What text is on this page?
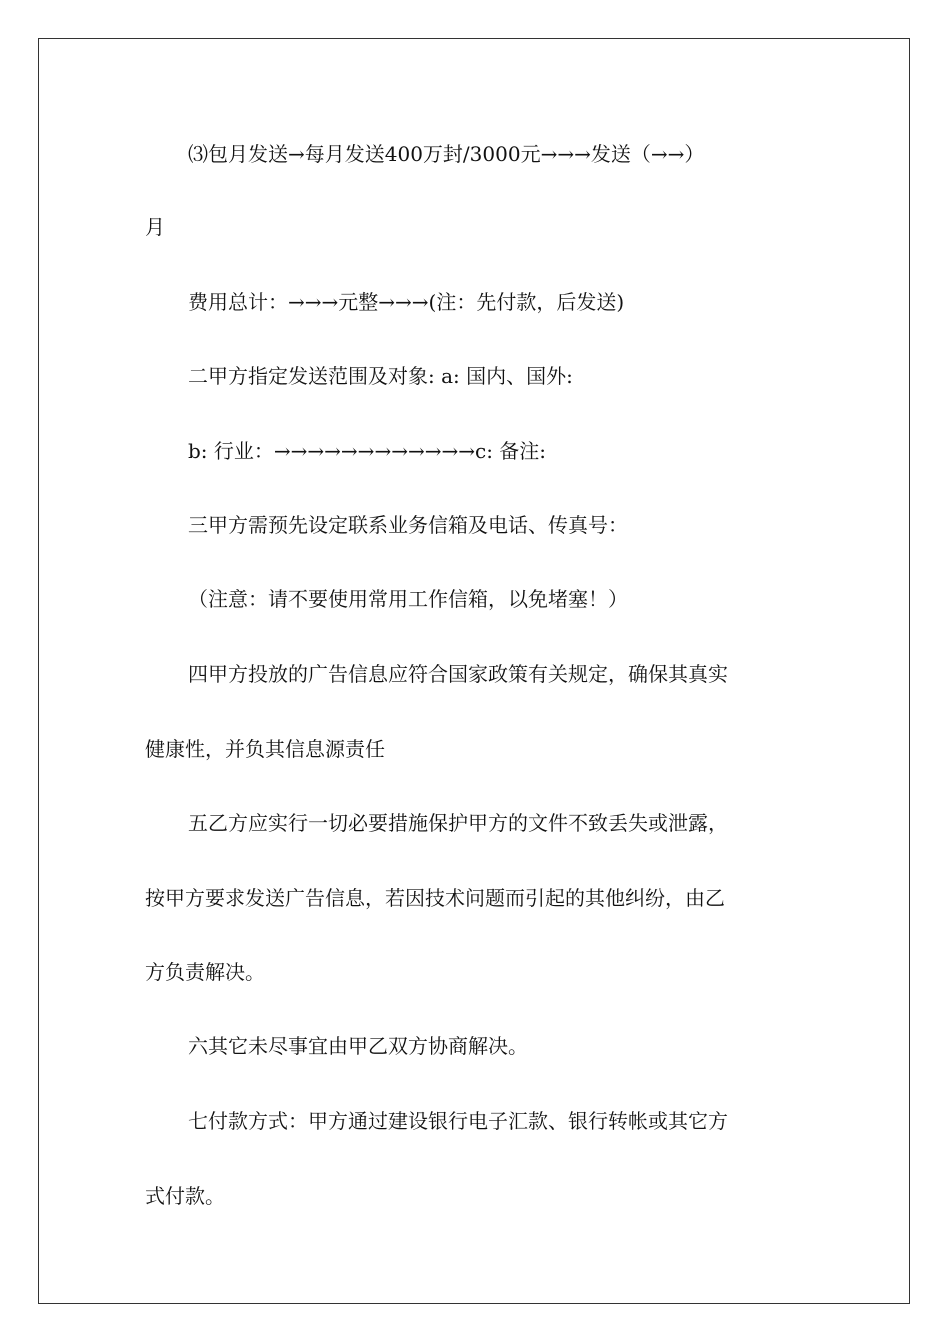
⑶包月发送→每月发送400万封/3000元→→→发送（→→）
月
费用总计：→→→元整→→→(注：先付款，后发送)
二甲方指定发送范围及对象: a: 国内、国外:
b: 行业：→→→→→→→→→→→→c: 备注:
三甲方需预先设定联系业务信箱及电话、传真号：
（注意：请不要使用常用工作信箱，以免堵塞！）
四甲方投放的广告信息应符合国家政策有关规定，确保其真实
健康性，并负其信息源责任
五乙方应实行一切必要措施保护甲方的文件不致丢失或泄露，
按甲方要求发送广告信息，若因技术问题而引起的其他纠纷，由乙
方负责解决。
六其它未尽事宜由甲乙双方协商解决。
七付款方式：甲方通过建设银行电子汇款、银行转帐或其它方
式付款。
